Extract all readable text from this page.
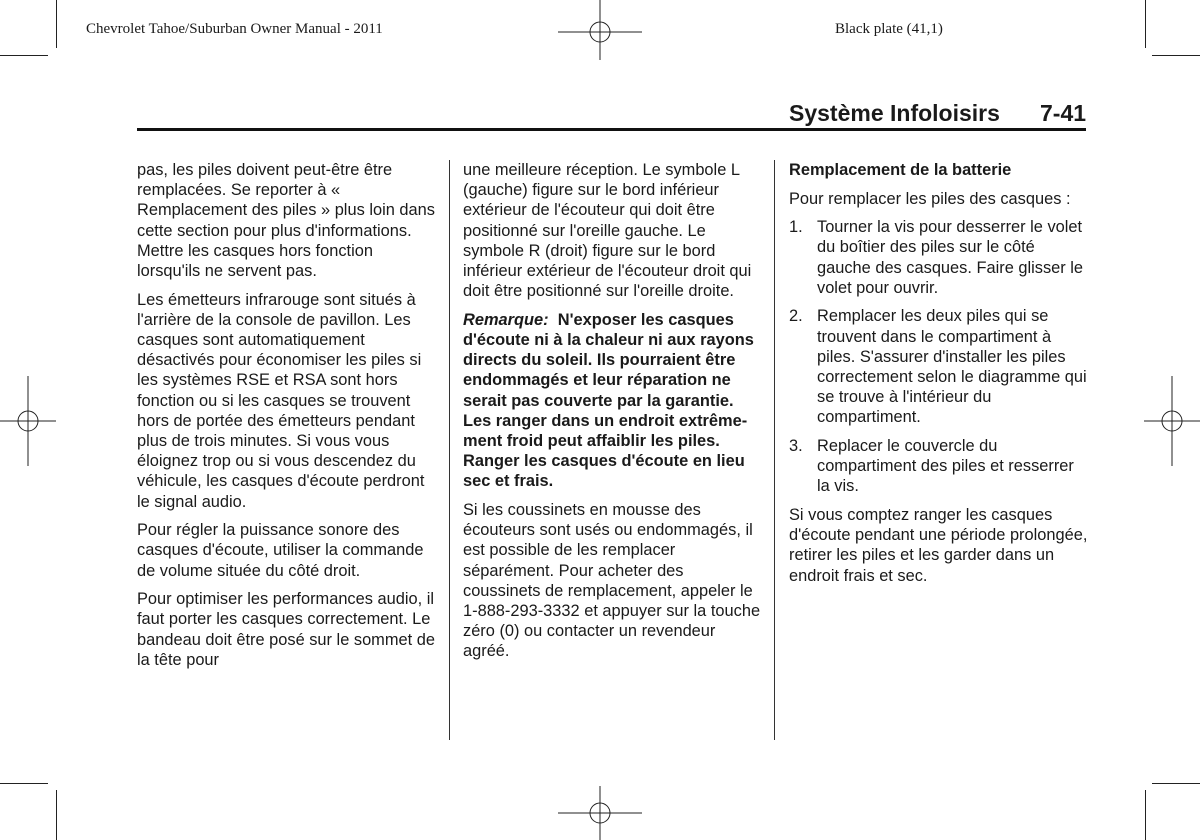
Chevrolet Tahoe/Suburban Owner Manual - 2011	Black plate (41,1)
Système Infoloisirs 7-41

pas, les piles doivent peut-être être remplacées. Se reporter à « Remplacement des piles » plus loin dans cette section pour plus d'informations. Mettre les casques hors fonction lorsqu'ils ne servent pas.

Les émetteurs infrarouge sont situés à l'arrière de la console de pavillon. Les casques sont automatiquement désactivés pour économiser les piles si les systèmes RSE et RSA sont hors fonction ou si les casques se trouvent hors de portée des émetteurs pendant plus de trois minutes. Si vous vous éloignez trop ou si vous descendez du véhicule, les casques d'écoute perdront le signal audio.

Pour régler la puissance sonore des casques d'écoute, utiliser la commande de volume située du côté droit.

Pour optimiser les performances audio, il faut porter les casques correctement. Le bandeau doit être posé sur le sommet de la tête pour

une meilleure réception. Le symbole L (gauche) figure sur le bord inférieur extérieur de l'écouteur qui doit être positionné sur l'oreille gauche. Le symbole R (droit) figure sur le bord inférieur extérieur de l'écouteur droit qui doit être positionné sur l'oreille droite.

Remarque: N'exposer les casques d'écoute ni à la chaleur ni aux rayons directs du soleil. Ils pourraient être endommagés et leur réparation ne serait pas couverte par la garantie. Les ranger dans un endroit extrême-ment froid peut affaiblir les piles. Ranger les casques d'écoute en lieu sec et frais.

Si les coussinets en mousse des écouteurs sont usés ou endommagés, il est possible de les remplacer séparément. Pour acheter des coussinets de remplacement, appeler le 1-888-293-3332 et appuyer sur la touche zéro (0) ou contacter un revendeur agréé.

Remplacement de la batterie

Pour remplacer les piles des casques :

1. Tourner la vis pour desserrer le volet du boîtier des piles sur le côté gauche des casques. Faire glisser le volet pour ouvrir.
2. Remplacer les deux piles qui se trouvent dans le compartiment à piles. S'assurer d'installer les piles correctement selon le diagramme qui se trouve à l'intérieur du compartiment.
3. Replacer le couvercle du compartiment des piles et resserrer la vis.

Si vous comptez ranger les casques d'écoute pendant une période prolongée, retirer les piles et les garder dans un endroit frais et sec.
